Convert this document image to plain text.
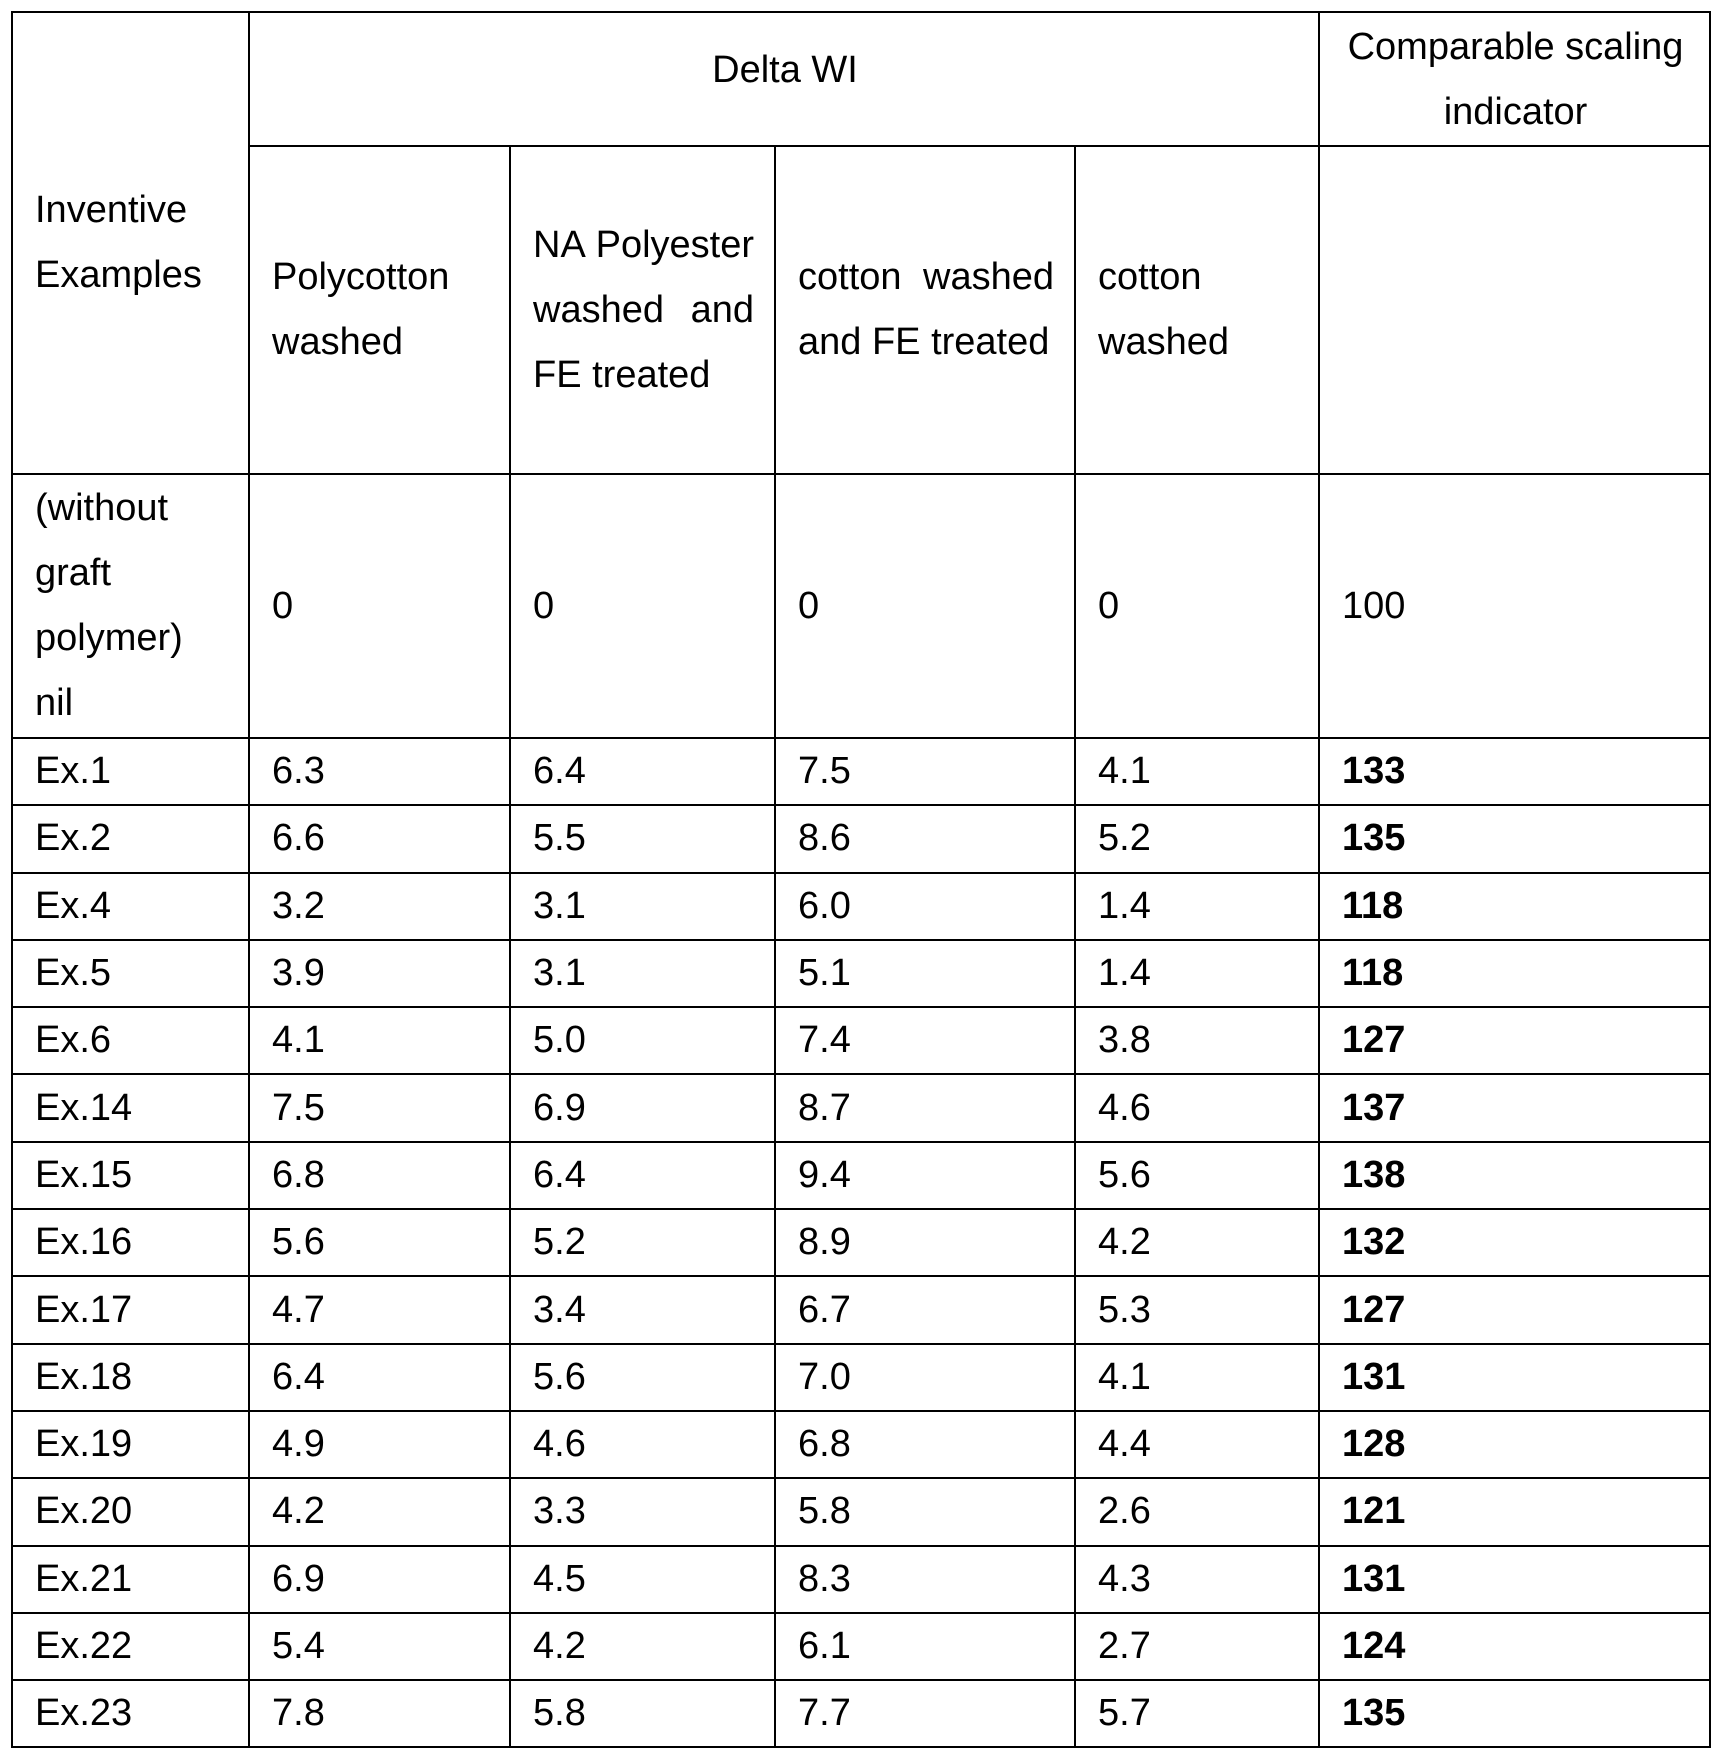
Inventive Examples	Delta WI	Comparable scaling indicator
Polycotton washed	NA Polyester washed and FE treated	cotton washed and FE treated	cotton washed	
(without graft polymer) nil	0	0	0	0	100
Ex.1	6.3	6.4	7.5	4.1	133
Ex.2	6.6	5.5	8.6	5.2	135
Ex.4	3.2	3.1	6.0	1.4	118
Ex.5	3.9	3.1	5.1	1.4	118
Ex.6	4.1	5.0	7.4	3.8	127
Ex.14	7.5	6.9	8.7	4.6	137
Ex.15	6.8	6.4	9.4	5.6	138
Ex.16	5.6	5.2	8.9	4.2	132
Ex.17	4.7	3.4	6.7	5.3	127
Ex.18	6.4	5.6	7.0	4.1	131
Ex.19	4.9	4.6	6.8	4.4	128
Ex.20	4.2	3.3	5.8	2.6	121
Ex.21	6.9	4.5	8.3	4.3	131
Ex.22	5.4	4.2	6.1	2.7	124
Ex.23	7.8	5.8	7.7	5.7	135
